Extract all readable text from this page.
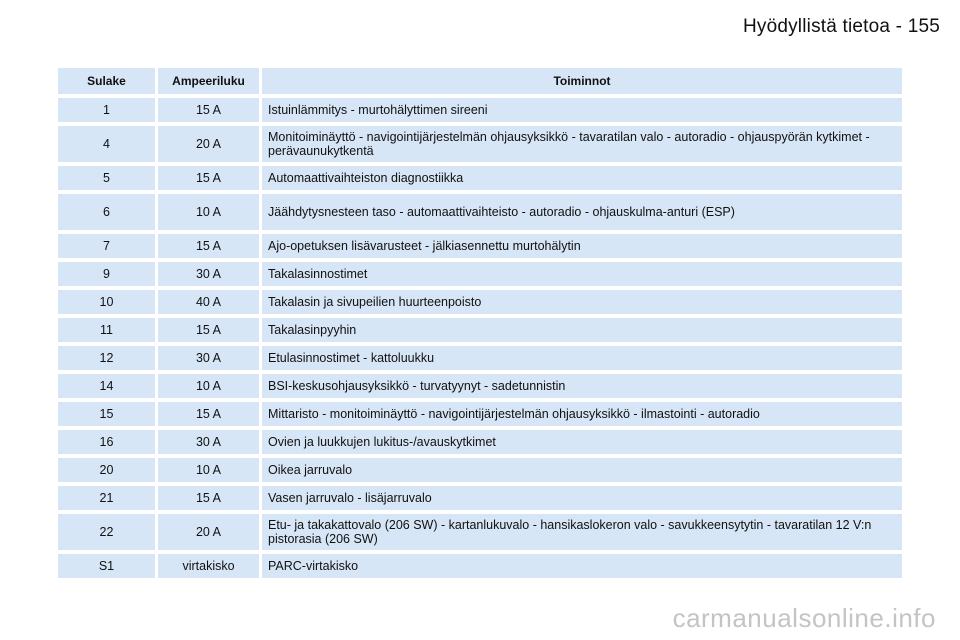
Hyödyllistä tietoa - 155
Sulake	Ampeeriluku	Toiminnot
1	15 A	Istuinlämmitys - murtohälyttimen sireeni
4	20 A	Monitoiminäyttö - navigointijärjestelmän ohjausyksikkö - tavaratilan valo - autoradio - ohjauspyörän kytkimet - perävaunukytkentä
5	15 A	Automaattivaihteiston diagnostiikka
6	10 A	Jäähdytysnesteen taso - automaattivaihteisto - autoradio - ohjauskulma-anturi (ESP)
7	15 A	Ajo-opetuksen lisävarusteet - jälkiasennettu murtohälytin
9	30 A	Takalasinnostimet
10	40 A	Takalasin ja sivupeilien huurteenpoisto
11	15 A	Takalasinpyyhin
12	30 A	Etulasinnostimet - kattoluukku
14	10 A	BSI-keskusohjausyksikkö - turvatyynyt - sadetunnistin
15	15 A	Mittaristo - monitoiminäyttö - navigointijärjestelmän ohjausyksikkö - ilmastointi - autoradio
16	30 A	Ovien ja luukkujen lukitus-/avauskytkimet
20	10 A	Oikea jarruvalo
21	15 A	Vasen jarruvalo - lisäjarruvalo
22	20 A	Etu- ja takakattovalo (206 SW) - kartanlukuvalo - hansikaslokeron valo - savukkeensytytin - tavaratilan 12 V:n pistorasia (206 SW)
S1	virtakisko	PARC-virtakisko
carmanualsonline.info
